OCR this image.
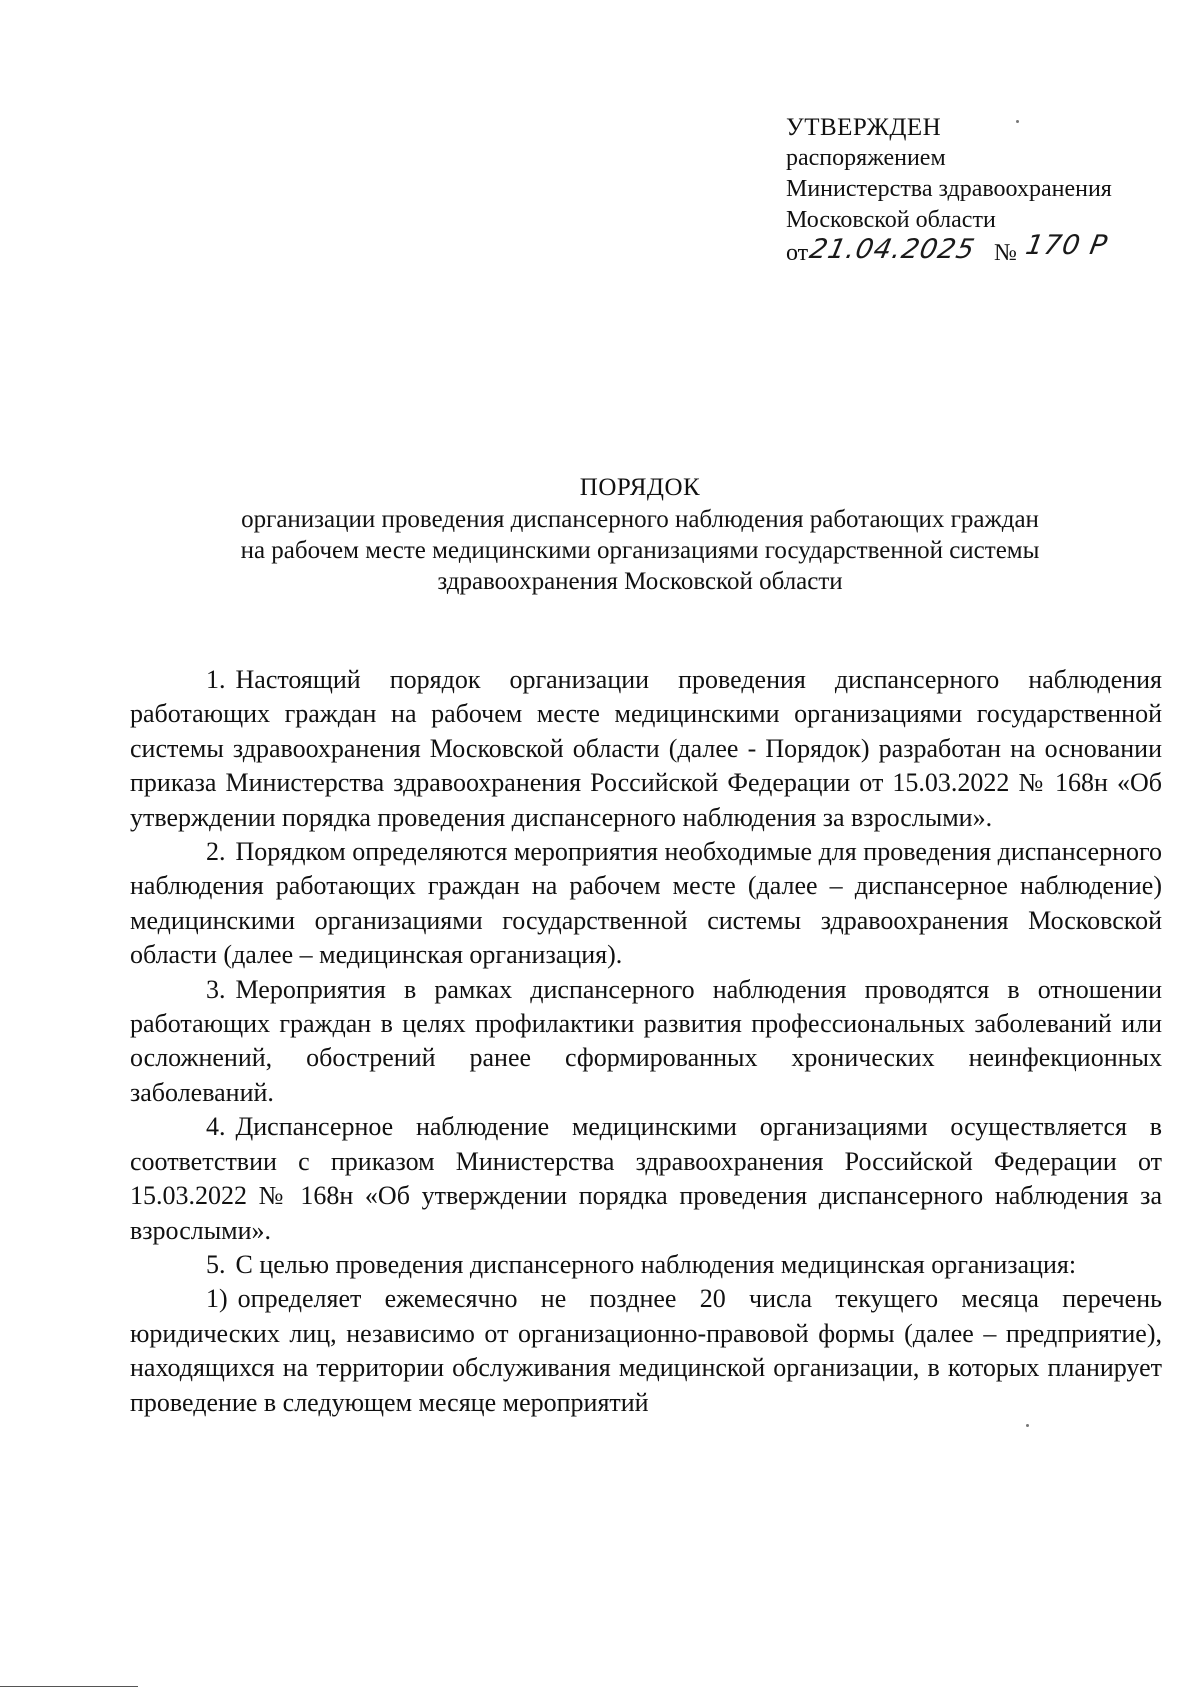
УТВЕРЖДЕН
распоряжением
Министерства здравоохранения
Московской области
от
21.04.2025 № 170 Р
ПОРЯДОК
организации проведения диспансерного наблюдения работающих граждан
на рабочем месте медицинскими организациями государственной системы
здравоохранения Московской области

1. Настоящий порядок организации проведения диспансерного наблюдения работающих граждан на рабочем месте медицинскими организациями государственной системы здравоохранения Московской области (далее - Порядок) разработан на основании приказа Министерства здравоохранения Российской Федерации от 15.03.2022 № 168н «Об утверждении порядка проведения диспансерного наблюдения за взрослыми».

2. Порядком определяются мероприятия необходимые для проведения диспансерного наблюдения работающих граждан на рабочем месте (далее – диспансерное наблюдение) медицинскими организациями государственной системы здравоохранения Московской области (далее – медицинская организация).

3. Мероприятия в рамках диспансерного наблюдения проводятся в отношении работающих граждан в целях профилактики развития профессиональных заболеваний или осложнений, обострений ранее сформированных хронических неинфекционных заболеваний.

4. Диспансерное наблюдение медицинскими организациями осуществляется в соответствии с приказом Министерства здравоохранения Российской Федерации от 15.03.2022 № 168н «Об утверждении порядка проведения диспансерного наблюдения за взрослыми».

5. С целью проведения диспансерного наблюдения медицинская организация:

1) определяет ежемесячно не позднее 20 числа текущего месяца перечень юридических лиц, независимо от организационно-правовой формы (далее – предприятие), находящихся на территории обслуживания медицинской организации, в которых планирует проведение в следующем месяце мероприятий
